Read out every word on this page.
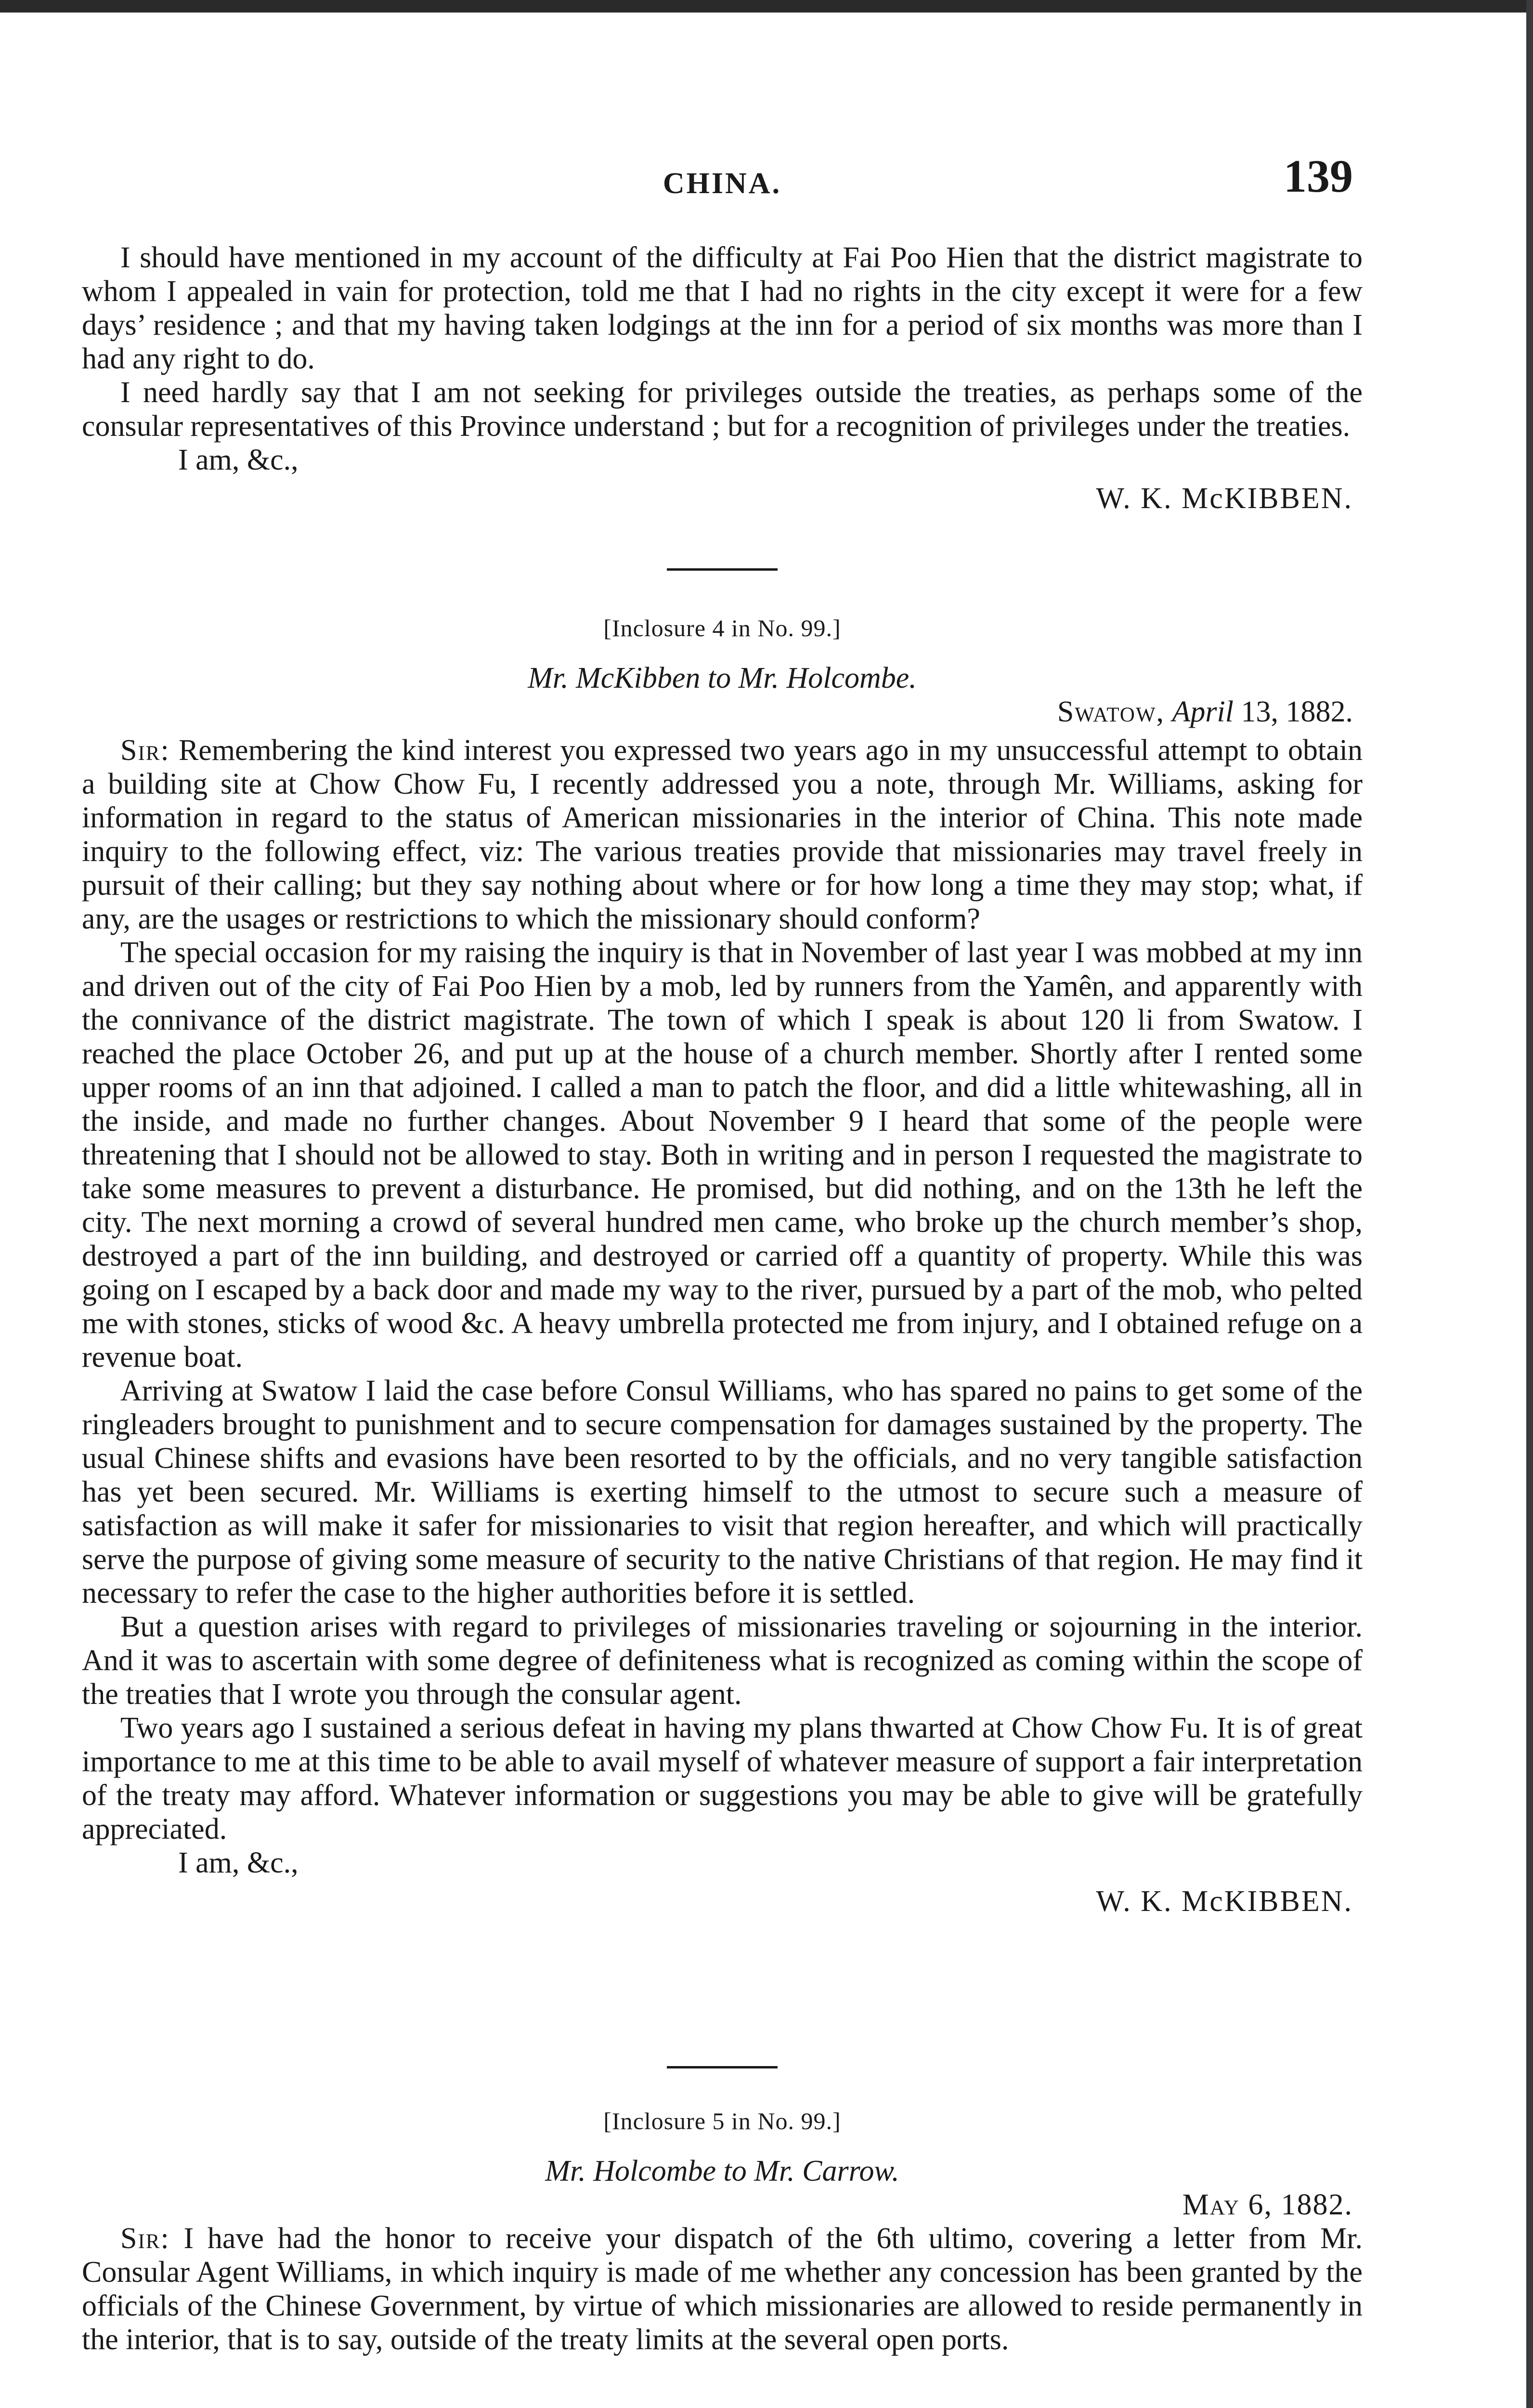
CHINA.	139

I should have mentioned in my account of the difficulty at Fai Poo Hien that the district magistrate to whom I appealed in vain for protection, told me that I had no rights in the city except it were for a few days’ residence ; and that my having taken lodgings at the inn for a period of six months was more than I had any right to do.

I need hardly say that I am not seeking for privileges outside the treaties, as perhaps some of the consular representatives of this Province understand ; but for a recognition of privileges under the treaties.

I am, &c.,
W. K. McKIBBEN.
[Inclosure 4 in No. 99.]
Mr. McKibben to Mr. Holcombe.
Swatow, April 13, 1882.

Sir: Remembering the kind interest you expressed two years ago in my unsuccessful attempt to obtain a building site at Chow Chow Fu, I recently addressed you a note, through Mr. Williams, asking for information in regard to the status of American missionaries in the interior of China. This note made inquiry to the following effect, viz: The various treaties provide that missionaries may travel freely in pursuit of their calling; but they say nothing about where or for how long a time they may stop; what, if any, are the usages or restrictions to which the missionary should conform?

The special occasion for my raising the inquiry is that in November of last year I was mobbed at my inn and driven out of the city of Fai Poo Hien by a mob, led by runners from the Yamên, and apparently with the connivance of the district magistrate. The town of which I speak is about 120 li from Swatow. I reached the place October 26, and put up at the house of a church member. Shortly after I rented some upper rooms of an inn that adjoined. I called a man to patch the floor, and did a little whitewashing, all in the inside, and made no further changes. About November 9 I heard that some of the people were threatening that I should not be allowed to stay. Both in writing and in person I requested the magistrate to take some measures to prevent a disturbance. He promised, but did nothing, and on the 13th he left the city. The next morning a crowd of several hundred men came, who broke up the church member’s shop, destroyed a part of the inn building, and destroyed or carried off a quantity of property. While this was going on I escaped by a back door and made my way to the river, pursued by a part of the mob, who pelted me with stones, sticks of wood &c. A heavy umbrella protected me from injury, and I obtained refuge on a revenue boat.

Arriving at Swatow I laid the case before Consul Williams, who has spared no pains to get some of the ringleaders brought to punishment and to secure compensation for damages sustained by the property. The usual Chinese shifts and evasions have been resorted to by the officials, and no very tangible satisfaction has yet been secured. Mr. Williams is exerting himself to the utmost to secure such a measure of satisfaction as will make it safer for missionaries to visit that region hereafter, and which will practically serve the purpose of giving some measure of security to the native Christians of that region. He may find it necessary to refer the case to the higher authorities before it is settled.

But a question arises with regard to privileges of missionaries traveling or sojourning in the interior. And it was to ascertain with some degree of definiteness what is recognized as coming within the scope of the treaties that I wrote you through the consular agent.

Two years ago I sustained a serious defeat in having my plans thwarted at Chow Chow Fu. It is of great importance to me at this time to be able to avail myself of whatever measure of support a fair interpretation of the treaty may afford. Whatever information or suggestions you may be able to give will be gratefully appreciated.

I am, &c.,
W. K. McKIBBEN.
[Inclosure 5 in No. 99.]
Mr. Holcombe to Mr. Carrow.
May 6, 1882.

Sir: I have had the honor to receive your dispatch of the 6th ultimo, covering a letter from Mr. Consular Agent Williams, in which inquiry is made of me whether any concession has been granted by the officials of the Chinese Government, by virtue of which missionaries are allowed to reside permanently in the interior, that is to say, outside of the treaty limits at the several open ports.
